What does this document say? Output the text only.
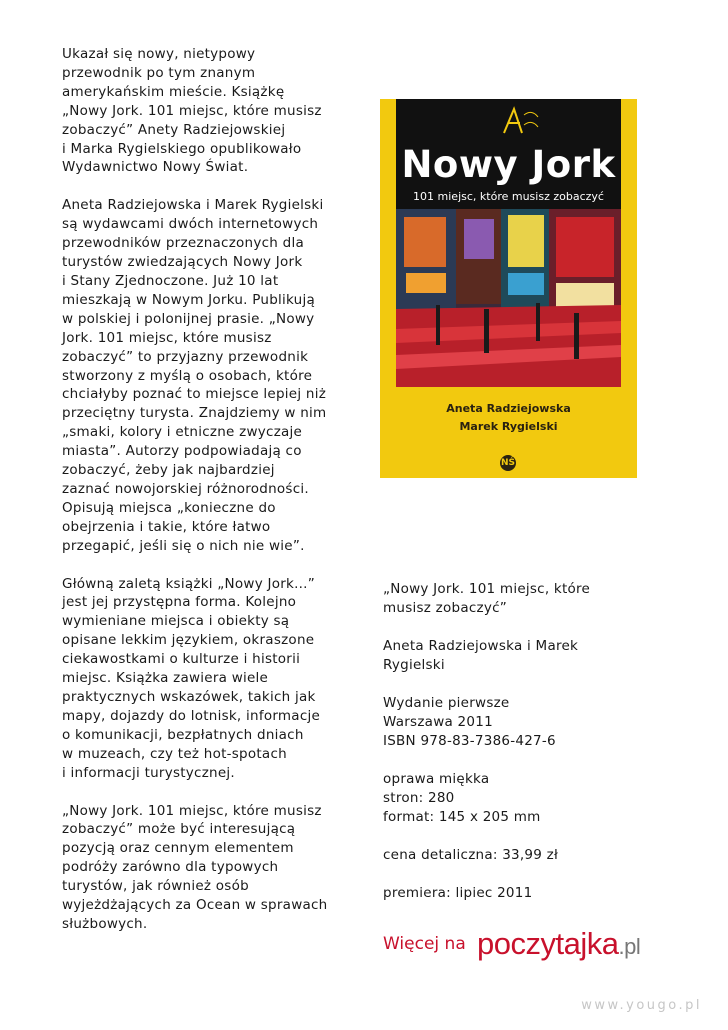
Ukazał się nowy, nietypowy
przewodnik po tym znanym
amerykańskim mieście. Książkę
„Nowy Jork. 101 miejsc, które musisz
zobaczyć” Anety Radziejowskiej
i Marka Rygielskiego opublikowało
Wydawnictwo Nowy Świat.

Aneta Radziejowska i Marek Rygielski
są wydawcami dwóch internetowych
przewodników przeznaczonych dla
turystów zwiedzających Nowy Jork
i Stany Zjednoczone. Już 10 lat
mieszkają w Nowym Jorku. Publikują
w polskiej i polonijnej prasie. „Nowy
Jork. 101 miejsc, które musisz
zobaczyć” to przyjazny przewodnik
stworzony z myślą o osobach, które
chciałyby poznać to miejsce lepiej niż
przeciętny turysta. Znajdziemy w nim
„smaki, kolory i etniczne zwyczaje
miasta”. Autorzy podpowiadają co
zobaczyć, żeby jak najbardziej
zaznać nowojorskiej różnorodności.
Opisują miejsca „konieczne do
obejrzenia i takie, które łatwo
przegapić, jeśli się o nich nie wie”.

Główną zaletą książki „Nowy Jork...”
jest jej przystępna forma. Kolejno
wymieniane miejsca i obiekty są
opisane lekkim językiem, okraszone
ciekawostkami o kulturze i historii
miejsc. Książka zawiera wiele
praktycznych wskazówek, takich jak
mapy, dojazdy do lotnisk, informacje
o komunikacji, bezpłatnych dniach
w muzeach, czy też hot-spotach
i informacji turystycznej.

„Nowy Jork. 101 miejsc, które musisz
zobaczyć” może być interesującą
pozycją oraz cennym elementem
podróży zarówno dla typowych
turystów, jak również osób
wyjeżdżających za Ocean w sprawach
służbowych.

Nowy Jork
101 miejsc, które musisz zobaczyć
Aneta Radziejowska
Marek Rygielski
NŚ

„Nowy Jork. 101 miejsc, które
musisz zobaczyć”

Aneta Radziejowska i Marek
Rygielski

Wydanie pierwsze
Warszawa 2011
ISBN 978-83-7386-427-6

oprawa miękka
stron: 280
format: 145 x 205 mm

cena detaliczna: 33,99 zł

premiera: lipiec 2011

Więcej na poczytajka.pl
www.yougo.pl
